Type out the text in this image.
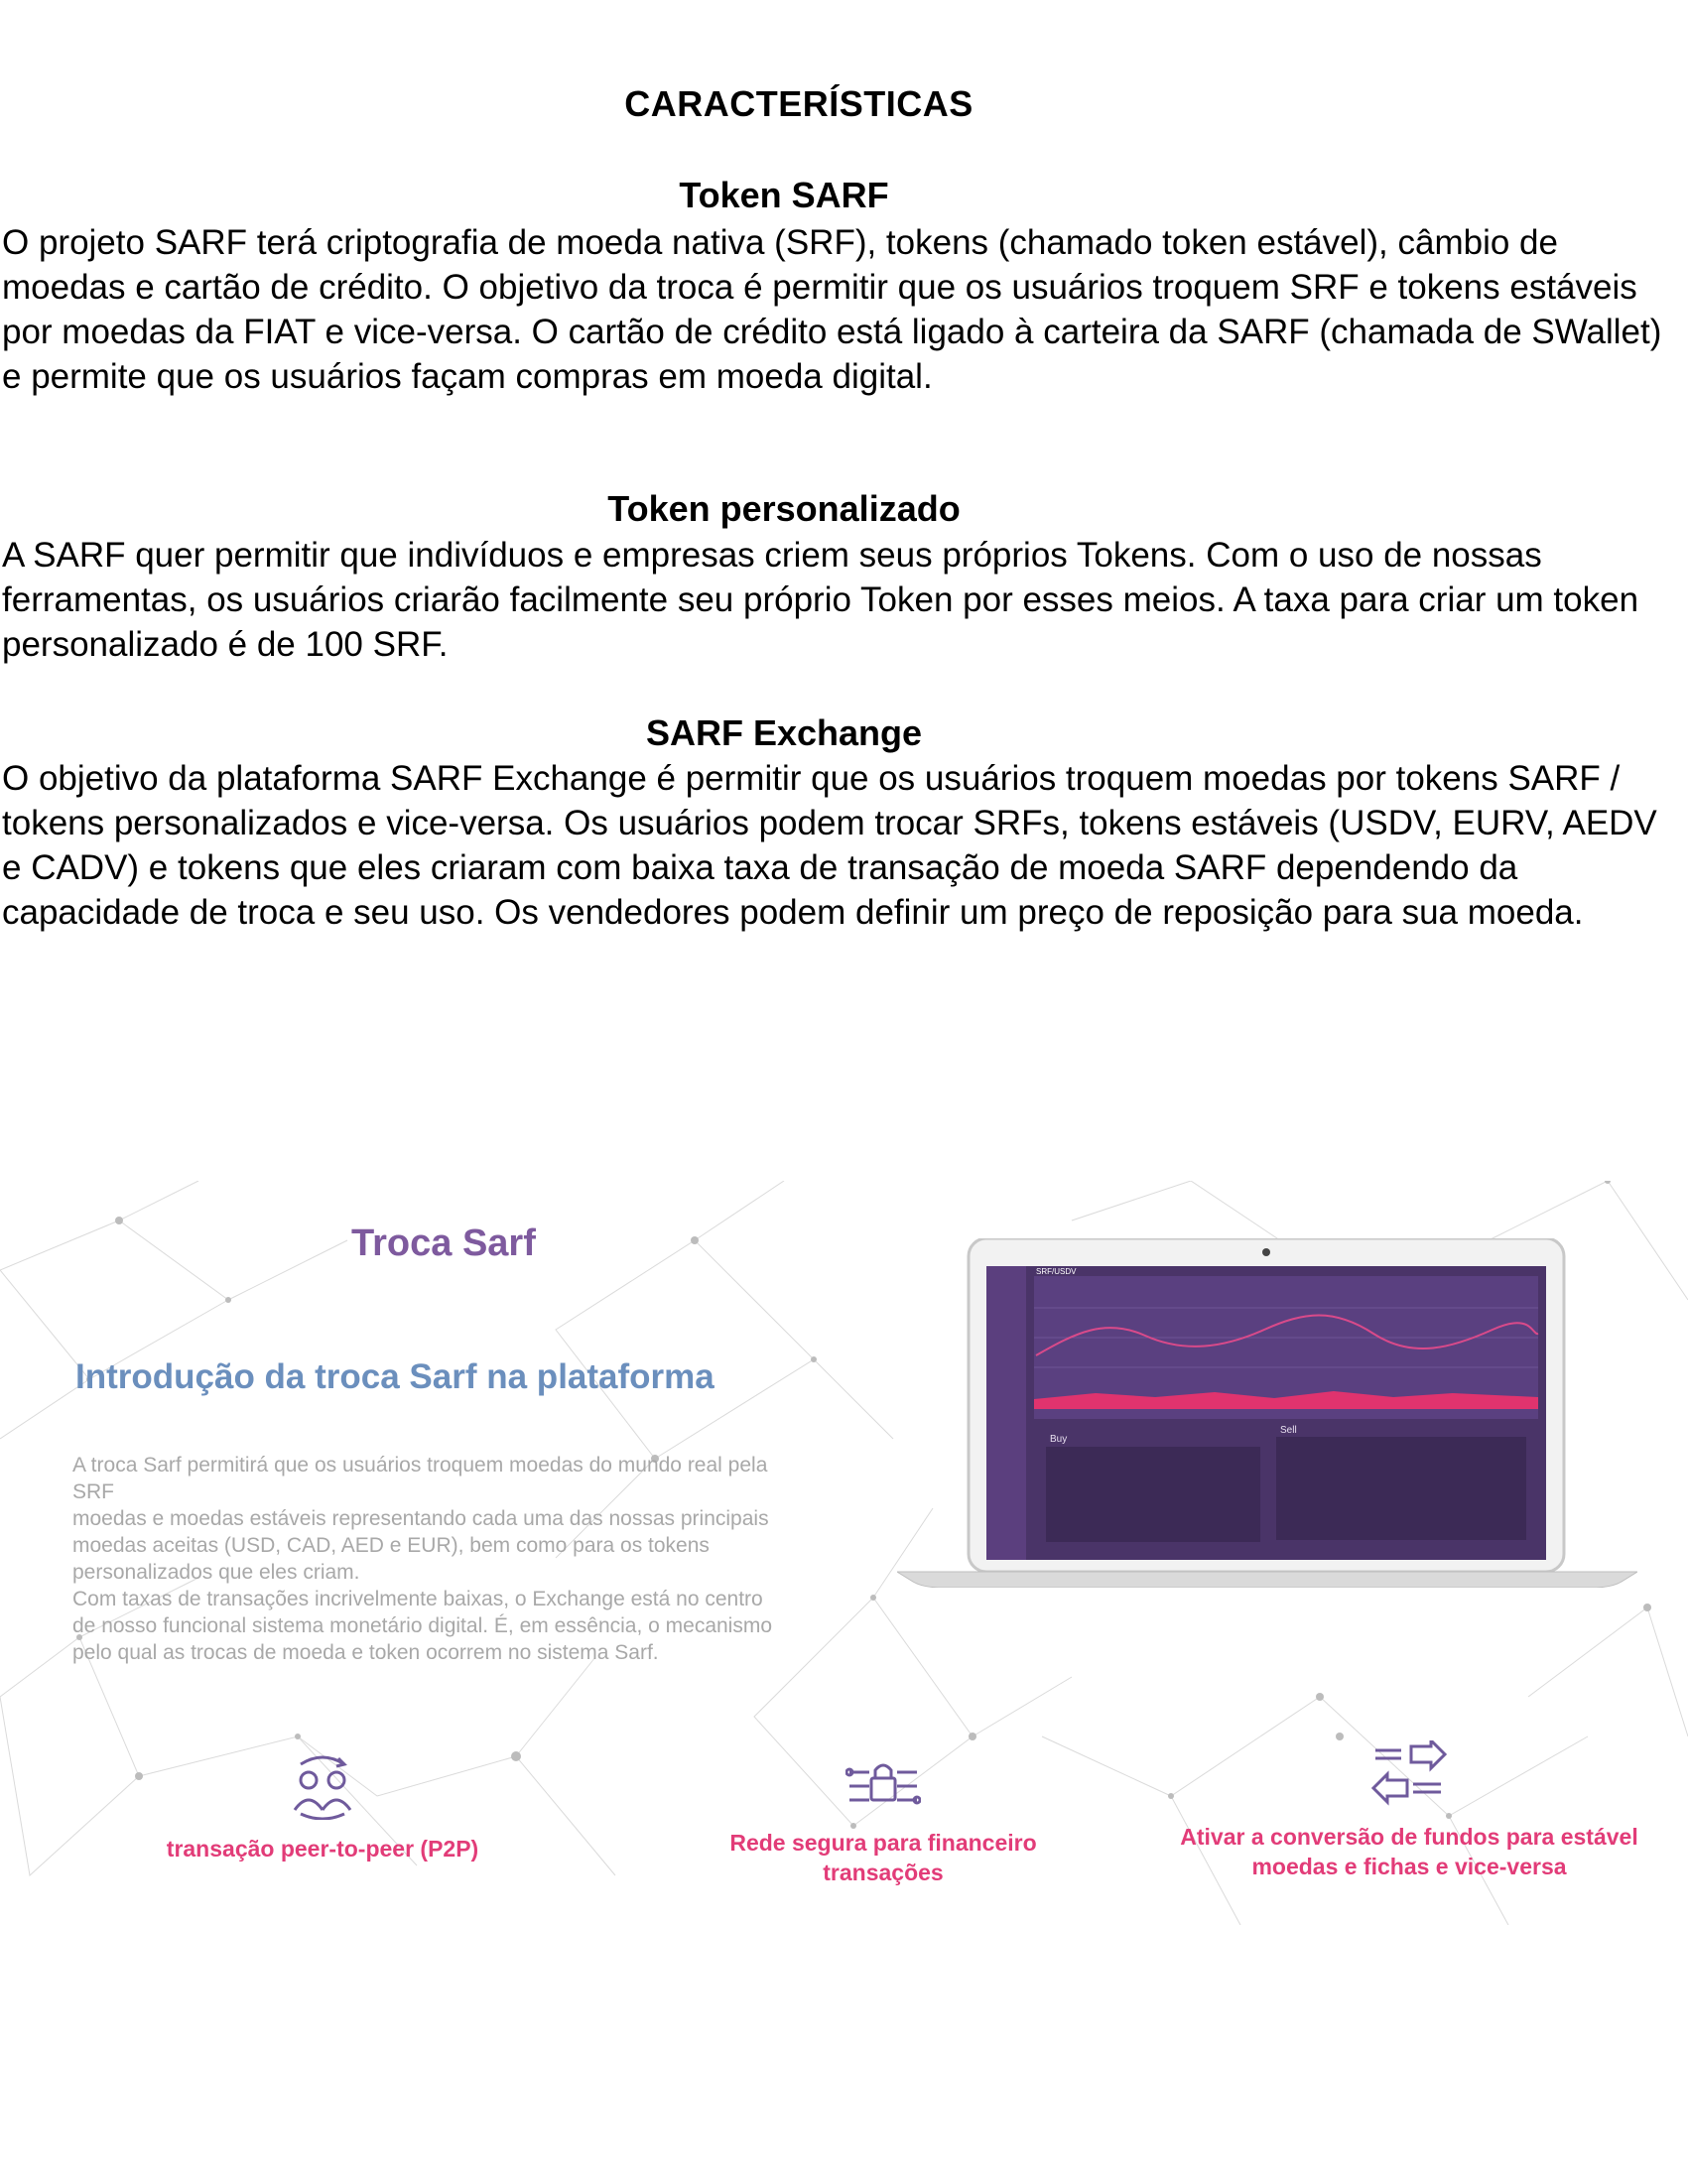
CARACTERÍSTICAS
Token SARF
O projeto SARF terá criptografia de moeda nativa (SRF), tokens (chamado token estável), câmbio de moedas e cartão de crédito. O objetivo da troca é permitir que os usuários troquem SRF e tokens estáveis por moedas da FIAT e vice-versa. O cartão de crédito está ligado à carteira da SARF (chamada de SWallet) e permite que os usuários façam compras em moeda digital.
Token personalizado
A SARF quer permitir que indivíduos e empresas criem seus próprios Tokens. Com o uso de nossas ferramentas, os usuários criarão facilmente seu próprio Token por esses meios. A taxa para criar um token personalizado é de 100 SRF.
SARF Exchange
O objetivo da plataforma SARF Exchange é permitir que os usuários troquem moedas por tokens SARF / tokens personalizados e vice-versa. Os usuários podem trocar SRFs, tokens estáveis (USDV, EURV, AEDV e CADV) e tokens que eles criaram com baixa taxa de transação de moeda SARF dependendo da capacidade de troca e seu uso. Os vendedores podem definir um preço de reposição para sua moeda.
Troca Sarf
Introdução da troca Sarf na plataforma

A troca Sarf permitirá que os usuários troquem moedas do mundo real pela SRF

moedas e moedas estáveis representando cada uma das nossas principais moedas aceitas (USD, CAD, AED e EUR), bem como para os tokens personalizados que eles criam.

Com taxas de transações incrivelmente baixas, o Exchange está no centro de nosso funcional sistema monetário digital. É, em essência, o mecanismo pelo qual as trocas de moeda e token ocorrem no sistema Sarf.

Buy
Sell
SRF/USDV
transação peer-to-peer (P2P)	Rede segura para financeiro
transações
Ativar a conversão de fundos para estável
moedas e fichas e vice-versa
